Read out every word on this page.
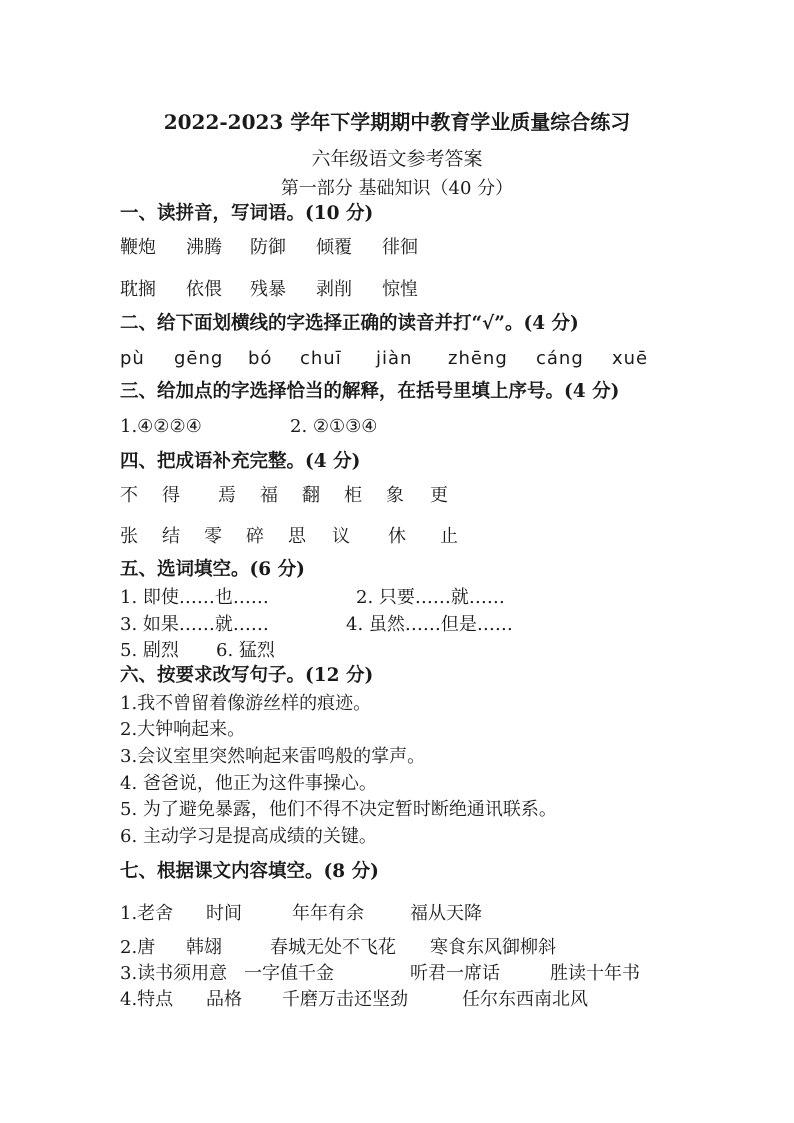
2022-2023 学年下学期期中教育学业质量综合练习
六年级语文参考答案
第一部分 基础知识（40 分）
一、读拼音，写词语。(10 分)
鞭炮 沸腾 防御 倾覆 徘徊
耽搁 依偎 残暴 剥削 惊惶
二、给下面划横线的字选择正确的读音并打“√”。(4 分)
pù gēng bó chuī jiàn zhēng cáng xuē
三、给加点的字选择恰当的解释，在括号里填上序号。(4 分)
1.④②②④	2. ②①③④
四、把成语补充完整。(4 分)
不 得 焉 福 翻 柜 象 更
张 结 零 碎 思 议 休 止
五、选词填空。(6 分)
1. 即使……也……	2. 只要……就……
3. 如果……就……	4. 虽然……但是……
5. 剧烈 6. 猛烈
六、按要求改写句子。(12 分)
1.我不曾留着像游丝样的痕迹。
2.大钟响起来。
3.会议室里突然响起来雷鸣般的掌声。
4. 爸爸说，他正为这件事操心。
5. 为了避免暴露，他们不得不决定暂时断绝通讯联系。
6. 主动学习是提高成绩的关键。
七、根据课文内容填空。(8 分)
1.老舍 时间	年年有余	福从天降
2.唐 韩翃	春城无处不飞花 寒食东风御柳斜
3.读书须用意 一字值千金	听君一席话	胜读十年书
4.特点 品格 千磨万击还坚劲	任尔东西南北风
